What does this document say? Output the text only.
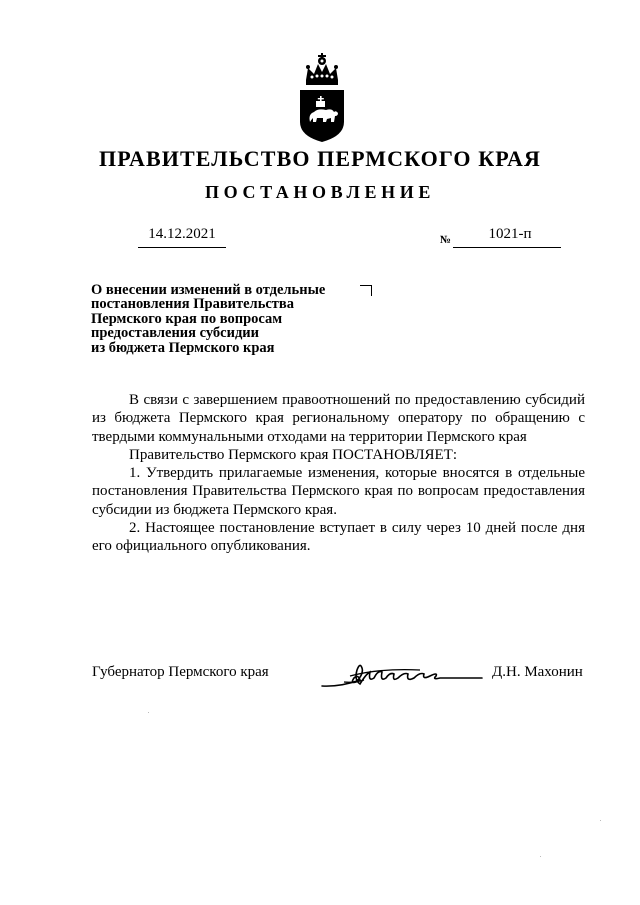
ПРАВИТЕЛЬСТВО ПЕРМСКОГО КРАЯ
ПОСТАНОВЛЕНИЕ
14.12.2021	№	1021-п
О внесении изменений в отдельные
постановления Правительства
Пермского края по вопросам
предоставления субсидии
из бюджета Пермского края

В связи с завершением правоотношений по предоставлению субсидий из бюджета Пермского края региональному оператору по обращению с твердыми коммунальными отходами на территории Пермского края

Правительство Пермского края ПОСТАНОВЛЯЕТ:

1. Утвердить прилагаемые изменения, которые вносятся в отдельные постановления Правительства Пермского края по вопросам предоставления субсидии из бюджета Пермского края.

2. Настоящее постановление вступает в силу через 10 дней после дня его официального опубликования.

Губернатор Пермского края	Д.Н. Махонин
